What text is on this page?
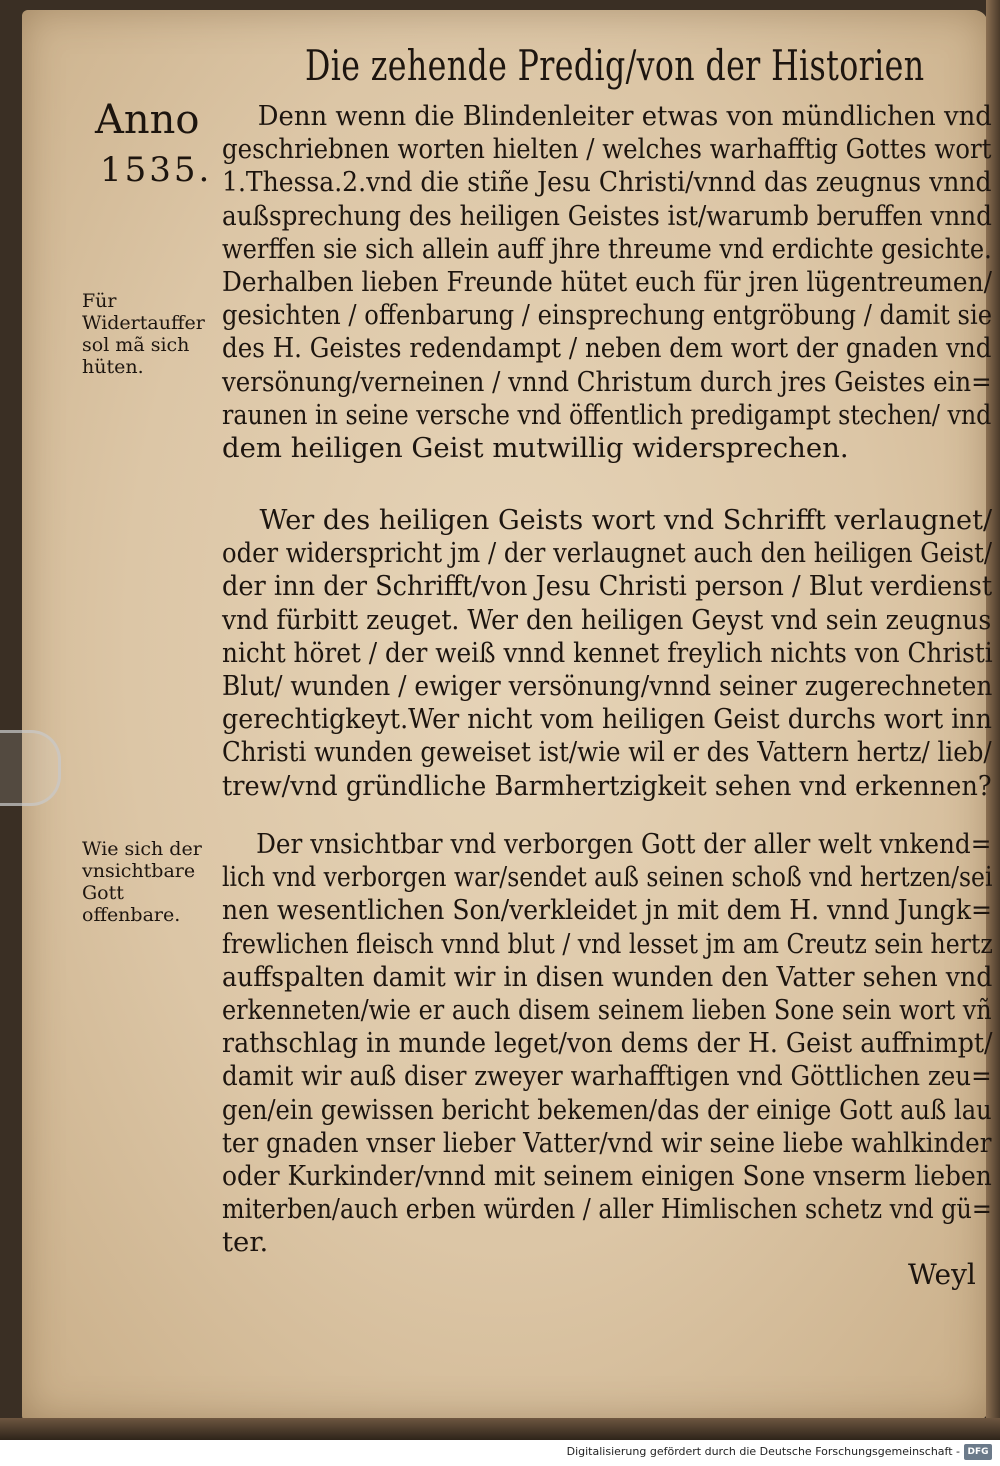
Die zehende Predig/von der Historien
Anno
1535.
Für Widertauffer sol mã sich hüten.
Wie sich der vnsichtbare Gott offenbare.
Denn wenn die Blindenleiter etwas von mündlichen vnd
geschriebnen worten hielten / welches warhafftig Gottes wort
1.Thessa.2.vnd die stiñe Jesu Christi/vnnd das zeugnus vnnd
außsprechung des heiligen Geistes ist/warumb beruffen vnnd
werffen sie sich allein auff jhre threume vnd erdichte gesichte.
Derhalben lieben Freunde hütet euch für jren lügentreumen/
gesichten / offenbarung / einsprechung entgröbung / damit sie
des H. Geistes redendampt / neben dem wort der gnaden vnd
versönung/verneinen / vnnd Christum durch jres Geistes ein=
raunen in seine versche vnd öffentlich predigampt stechen/ vnd
dem heiligen Geist mutwillig widersprechen.
Wer des heiligen Geists wort vnd Schrifft verlaugnet/
oder widerspricht jm / der verlaugnet auch den heiligen Geist/
der inn der Schrifft/von Jesu Christi person / Blut verdienst
vnd fürbitt zeuget. Wer den heiligen Geyst vnd sein zeugnus
nicht höret / der weiß vnnd kennet freylich nichts von Christi
Blut/ wunden / ewiger versönung/vnnd seiner zugerechneten
gerechtigkeyt.Wer nicht vom heiligen Geist durchs wort inn
Christi wunden geweiset ist/wie wil er des Vattern hertz/ lieb/
trew/vnd gründliche Barmhertzigkeit sehen vnd erkennen?
Der vnsichtbar vnd verborgen Gott der aller welt vnkend=
lich vnd verborgen war/sendet auß seinen schoß vnd hertzen/sei
nen wesentlichen Son/verkleidet jn mit dem H. vnnd Jungk=
frewlichen fleisch vnnd blut / vnd lesset jm am Creutz sein hertz
auffspalten damit wir in disen wunden den Vatter sehen vnd
erkenneten/wie er auch disem seinem lieben Sone sein wort vñ
rathschlag in munde leget/von dems der H. Geist auffnimpt/
damit wir auß diser zweyer warhafftigen vnd Göttlichen zeu=
gen/ein gewissen bericht bekemen/das der einige Gott auß lau
ter gnaden vnser lieber Vatter/vnd wir seine liebe wahlkinder
oder Kurkinder/vnnd mit seinem einigen Sone vnserm lieben
miterben/auch erben würden / aller Himlischen schetz vnd gü=
ter.
Weyl
Digitalisierung gefördert durch die Deutsche Forschungsgemeinschaft - DFG
